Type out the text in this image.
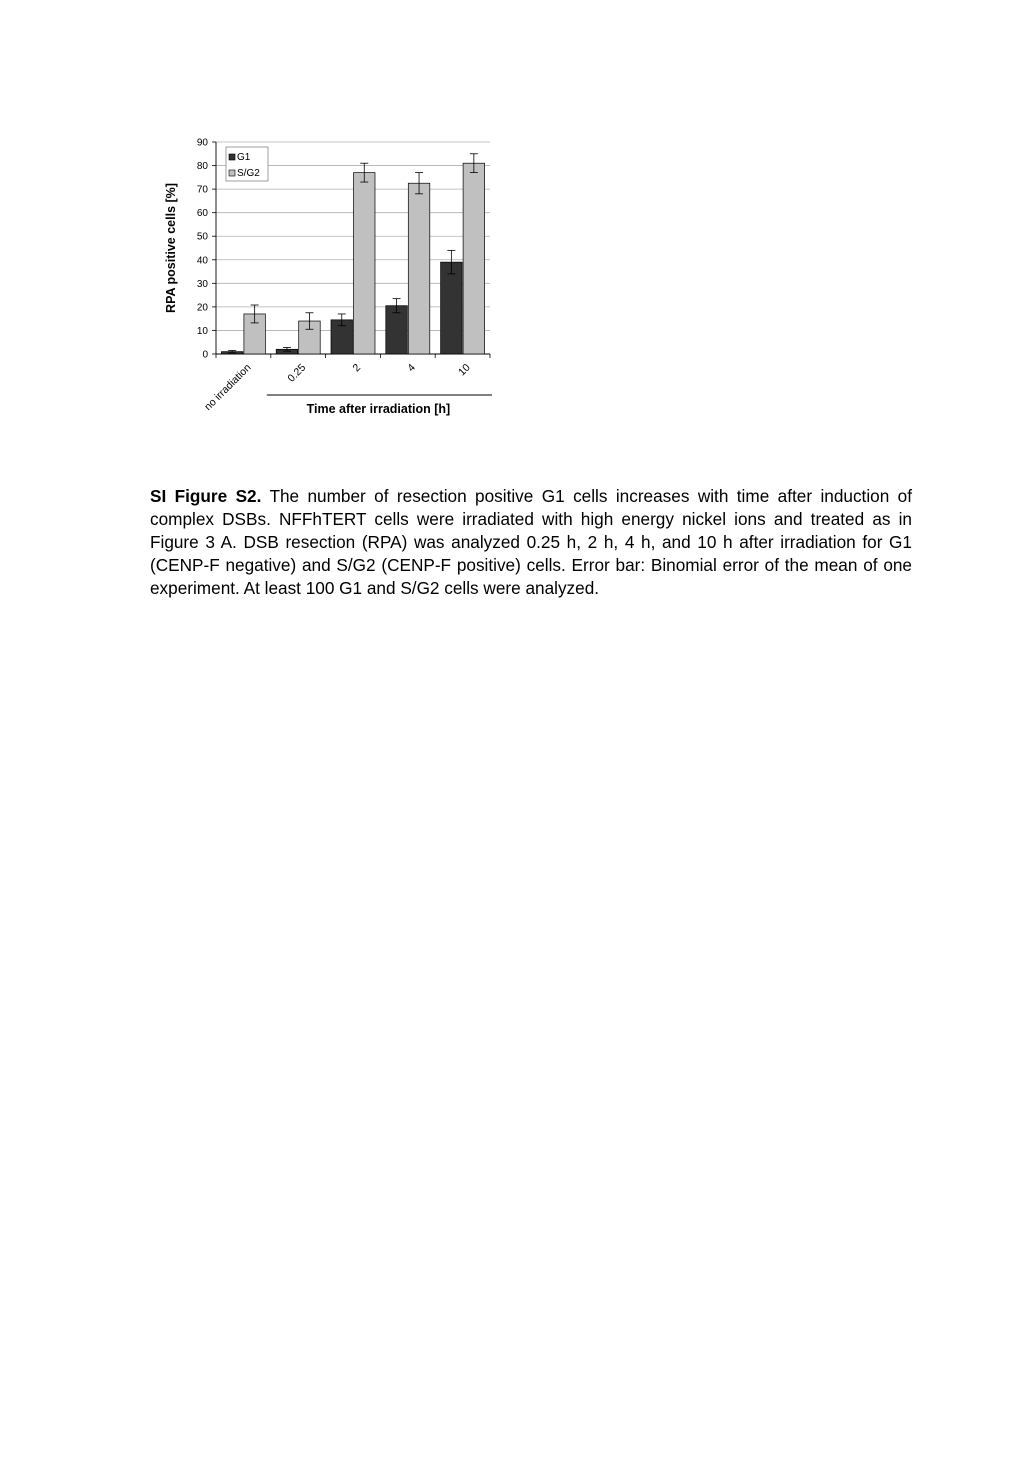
0
10
20
30
40
50
60
70
80
90
no irradiation	0.25	2	4	10
Time after irradiation [h]
RPA positive cells [%]
G1
S/G2

SI Figure S2. The number of resection positive G1 cells increases with time after induction of complex DSBs. NFFhTERT cells were irradiated with high energy nickel ions and treated as in Figure 3 A. DSB resection (RPA) was analyzed 0.25 h, 2 h, 4 h, and 10 h after irradiation for G1 (CENP-F negative) and S/G2 (CENP-F positive) cells. Error bar: Binomial error of the mean of one experiment. At least 100 G1 and S/G2 cells were analyzed.
